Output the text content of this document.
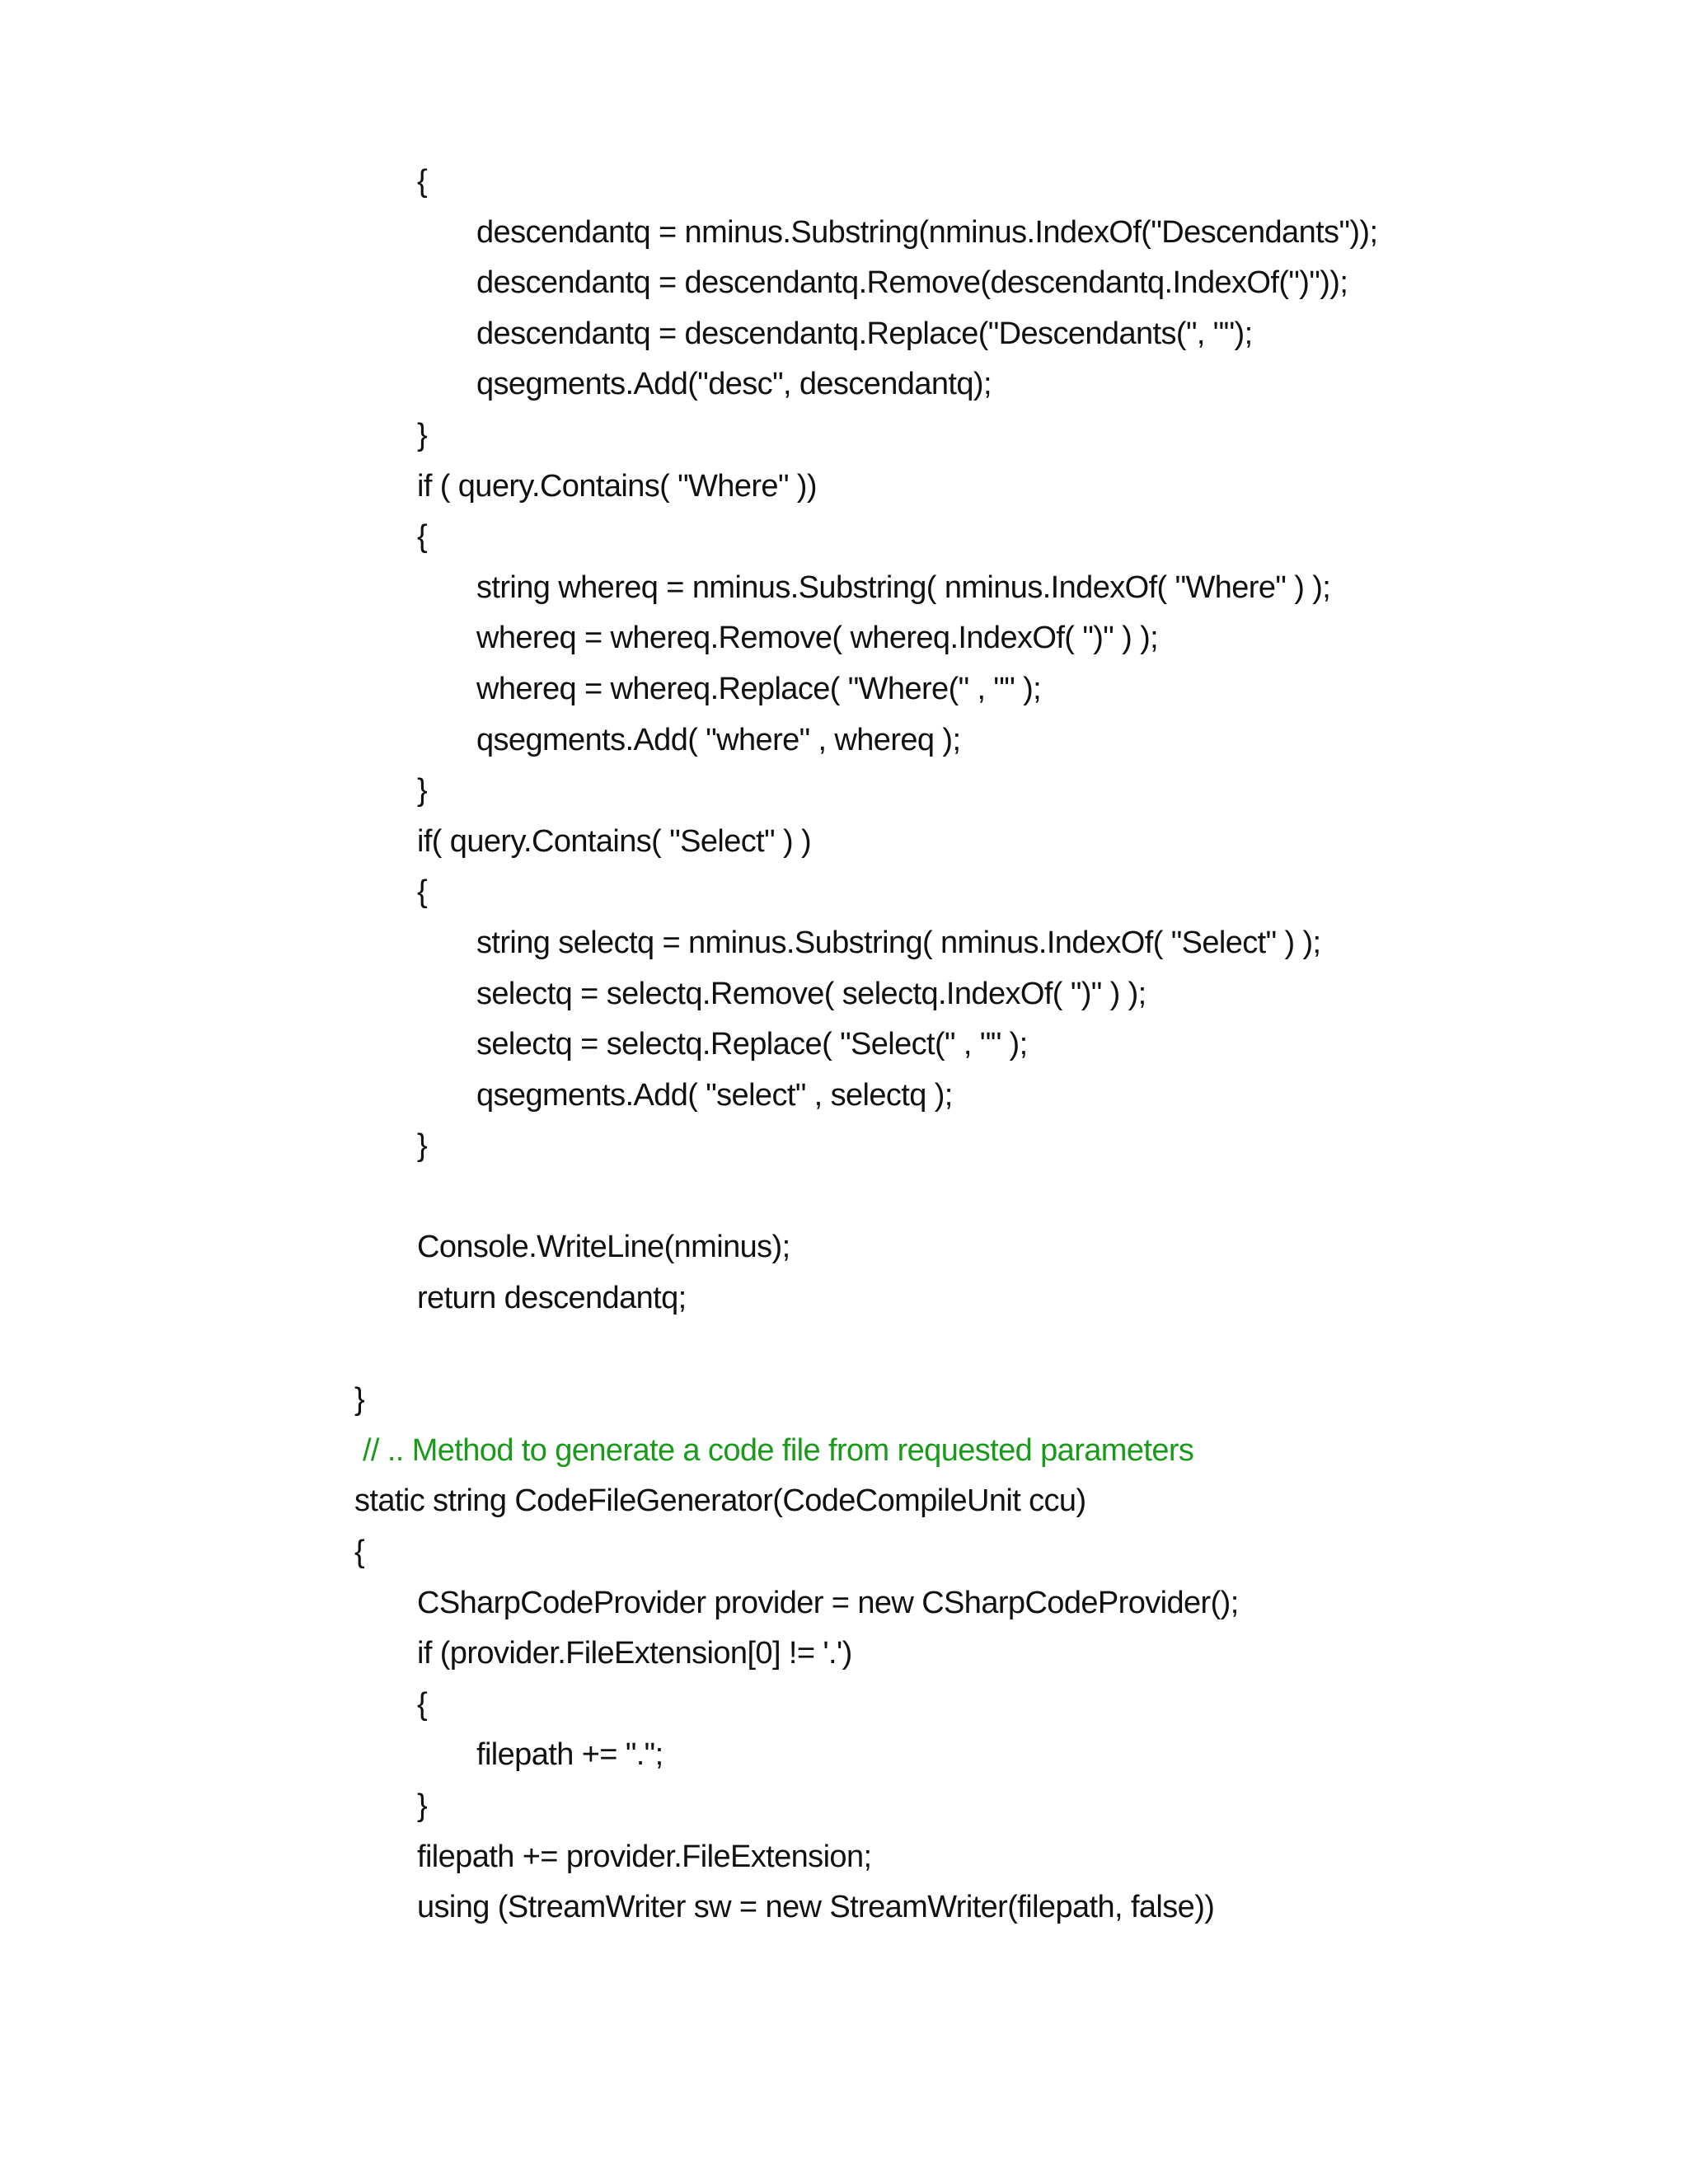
{
descendantq = nminus.Substring(nminus.IndexOf("Descendants"));
descendantq = descendantq.Remove(descendantq.IndexOf(")"));
descendantq = descendantq.Replace("Descendants(", "");
qsegments.Add("desc", descendantq);
}
if ( query.Contains( "Where" ))
{
string whereq = nminus.Substring( nminus.IndexOf( "Where" ) );
whereq = whereq.Remove( whereq.IndexOf( ")" ) );
whereq = whereq.Replace( "Where(" , "" );
qsegments.Add( "where" , whereq );
}
if( query.Contains( "Select" ) )
{
string selectq = nminus.Substring( nminus.IndexOf( "Select" ) );
selectq = selectq.Remove( selectq.IndexOf( ")" ) );
selectq = selectq.Replace( "Select(" , "" );
qsegments.Add( "select" , selectq );
}
Console.WriteLine(nminus);
return descendantq;
}
// .. Method to generate a code file from requested parameters
static string CodeFileGenerator(CodeCompileUnit ccu)
{
CSharpCodeProvider provider = new CSharpCodeProvider();
if (provider.FileExtension[0] != '.')
{
filepath += ".";
}
filepath += provider.FileExtension;
using (StreamWriter sw = new StreamWriter(filepath, false))
